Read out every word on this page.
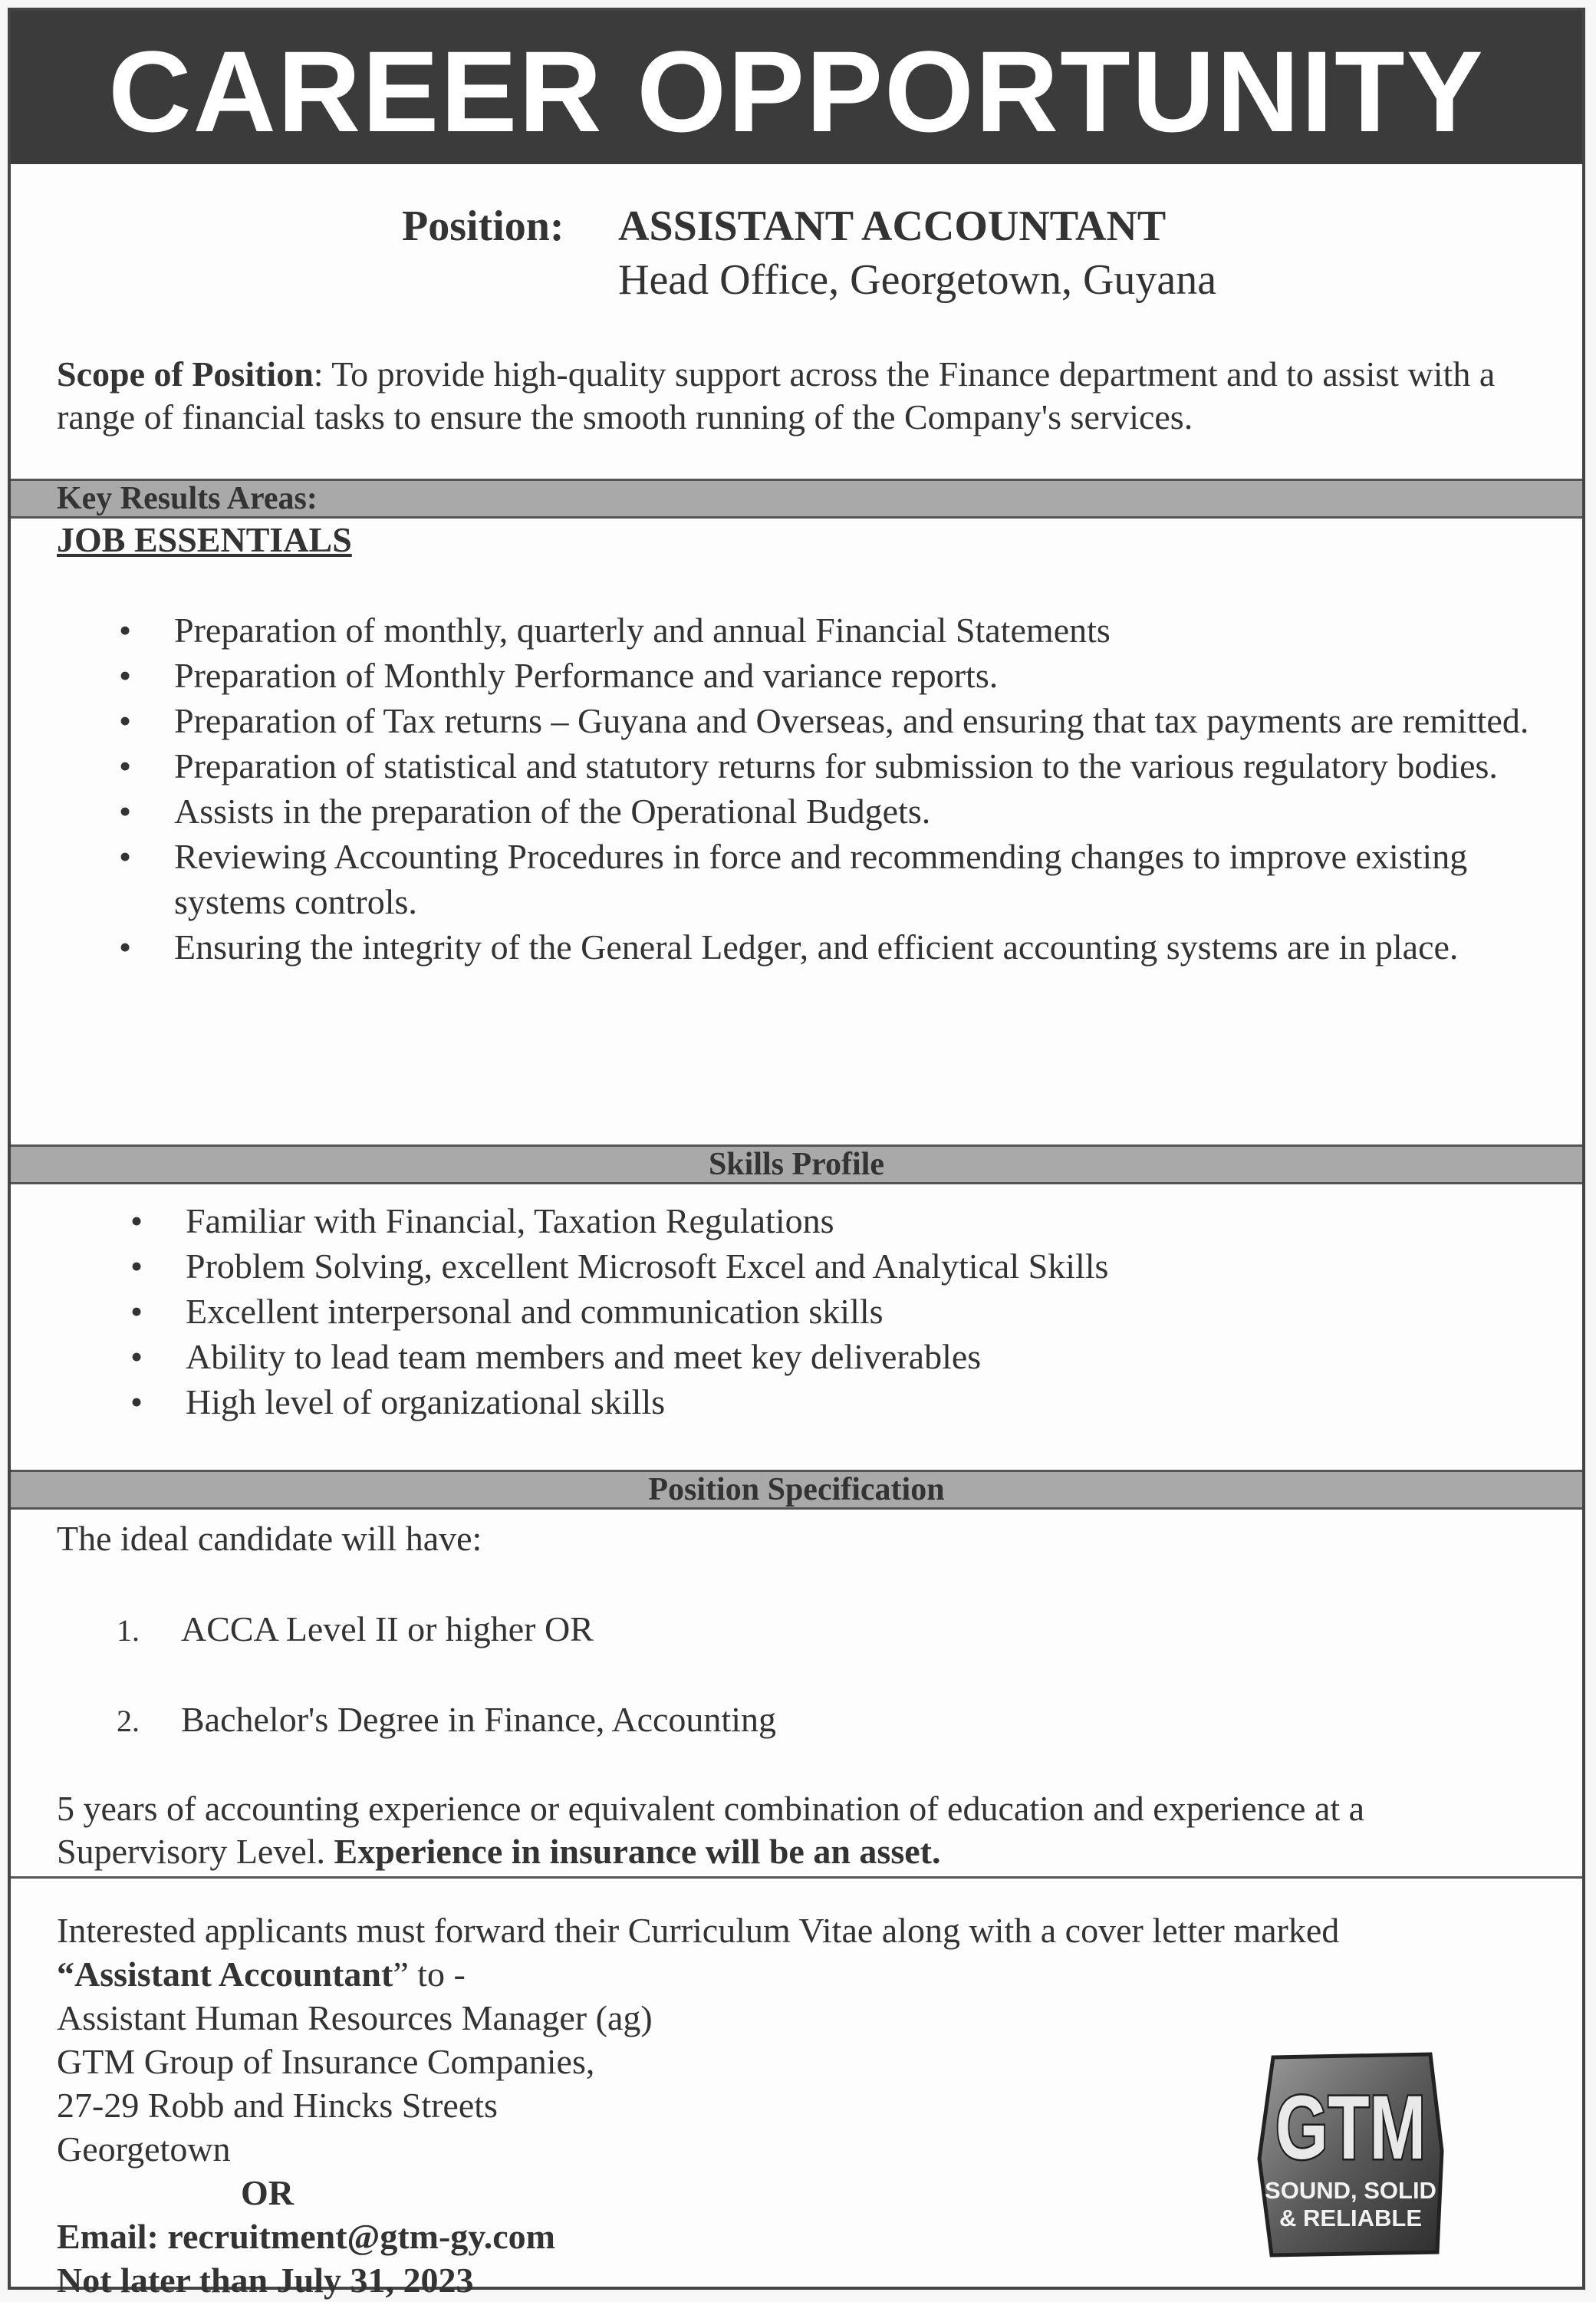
CAREER OPPORTUNITY
Position: ASSISTANT ACCOUNTANT
Head Office, Georgetown, Guyana
Scope of Position: To provide high-quality support across the Finance department and to assist with a range of financial tasks to ensure the smooth running of the Company's services.
Key Results Areas:
JOB ESSENTIALS
• Preparation of monthly, quarterly and annual Financial Statements
• Preparation of Monthly Performance and variance reports.
• Preparation of Tax returns – Guyana and Overseas, and ensuring that tax payments are remitted.
• Preparation of statistical and statutory returns for submission to the various regulatory bodies.
• Assists in the preparation of the Operational Budgets.
• Reviewing Accounting Procedures in force and recommending changes to improve existing systems controls.
• Ensuring the integrity of the General Ledger, and efficient accounting systems are in place.
Skills Profile
• Familiar with Financial, Taxation Regulations
• Problem Solving, excellent Microsoft Excel and Analytical Skills
• Excellent interpersonal and communication skills
• Ability to lead team members and meet key deliverables
• High level of organizational skills
Position Specification
The ideal candidate will have:
1. ACCA Level II or higher OR
2. Bachelor's Degree in Finance, Accounting
5 years of accounting experience or equivalent combination of education and experience at a Supervisory Level. Experience in insurance will be an asset.
Interested applicants must forward their Curriculum Vitae along with a cover letter marked
“Assistant Accountant” to -
Assistant Human Resources Manager (ag)
GTM Group of Insurance Companies,
27-29 Robb and Hincks Streets
Georgetown
OR
Email: recruitment@gtm-gy.com
Not later than July 31, 2023
GTM
SOUND, SOLID
& RELIABLE
